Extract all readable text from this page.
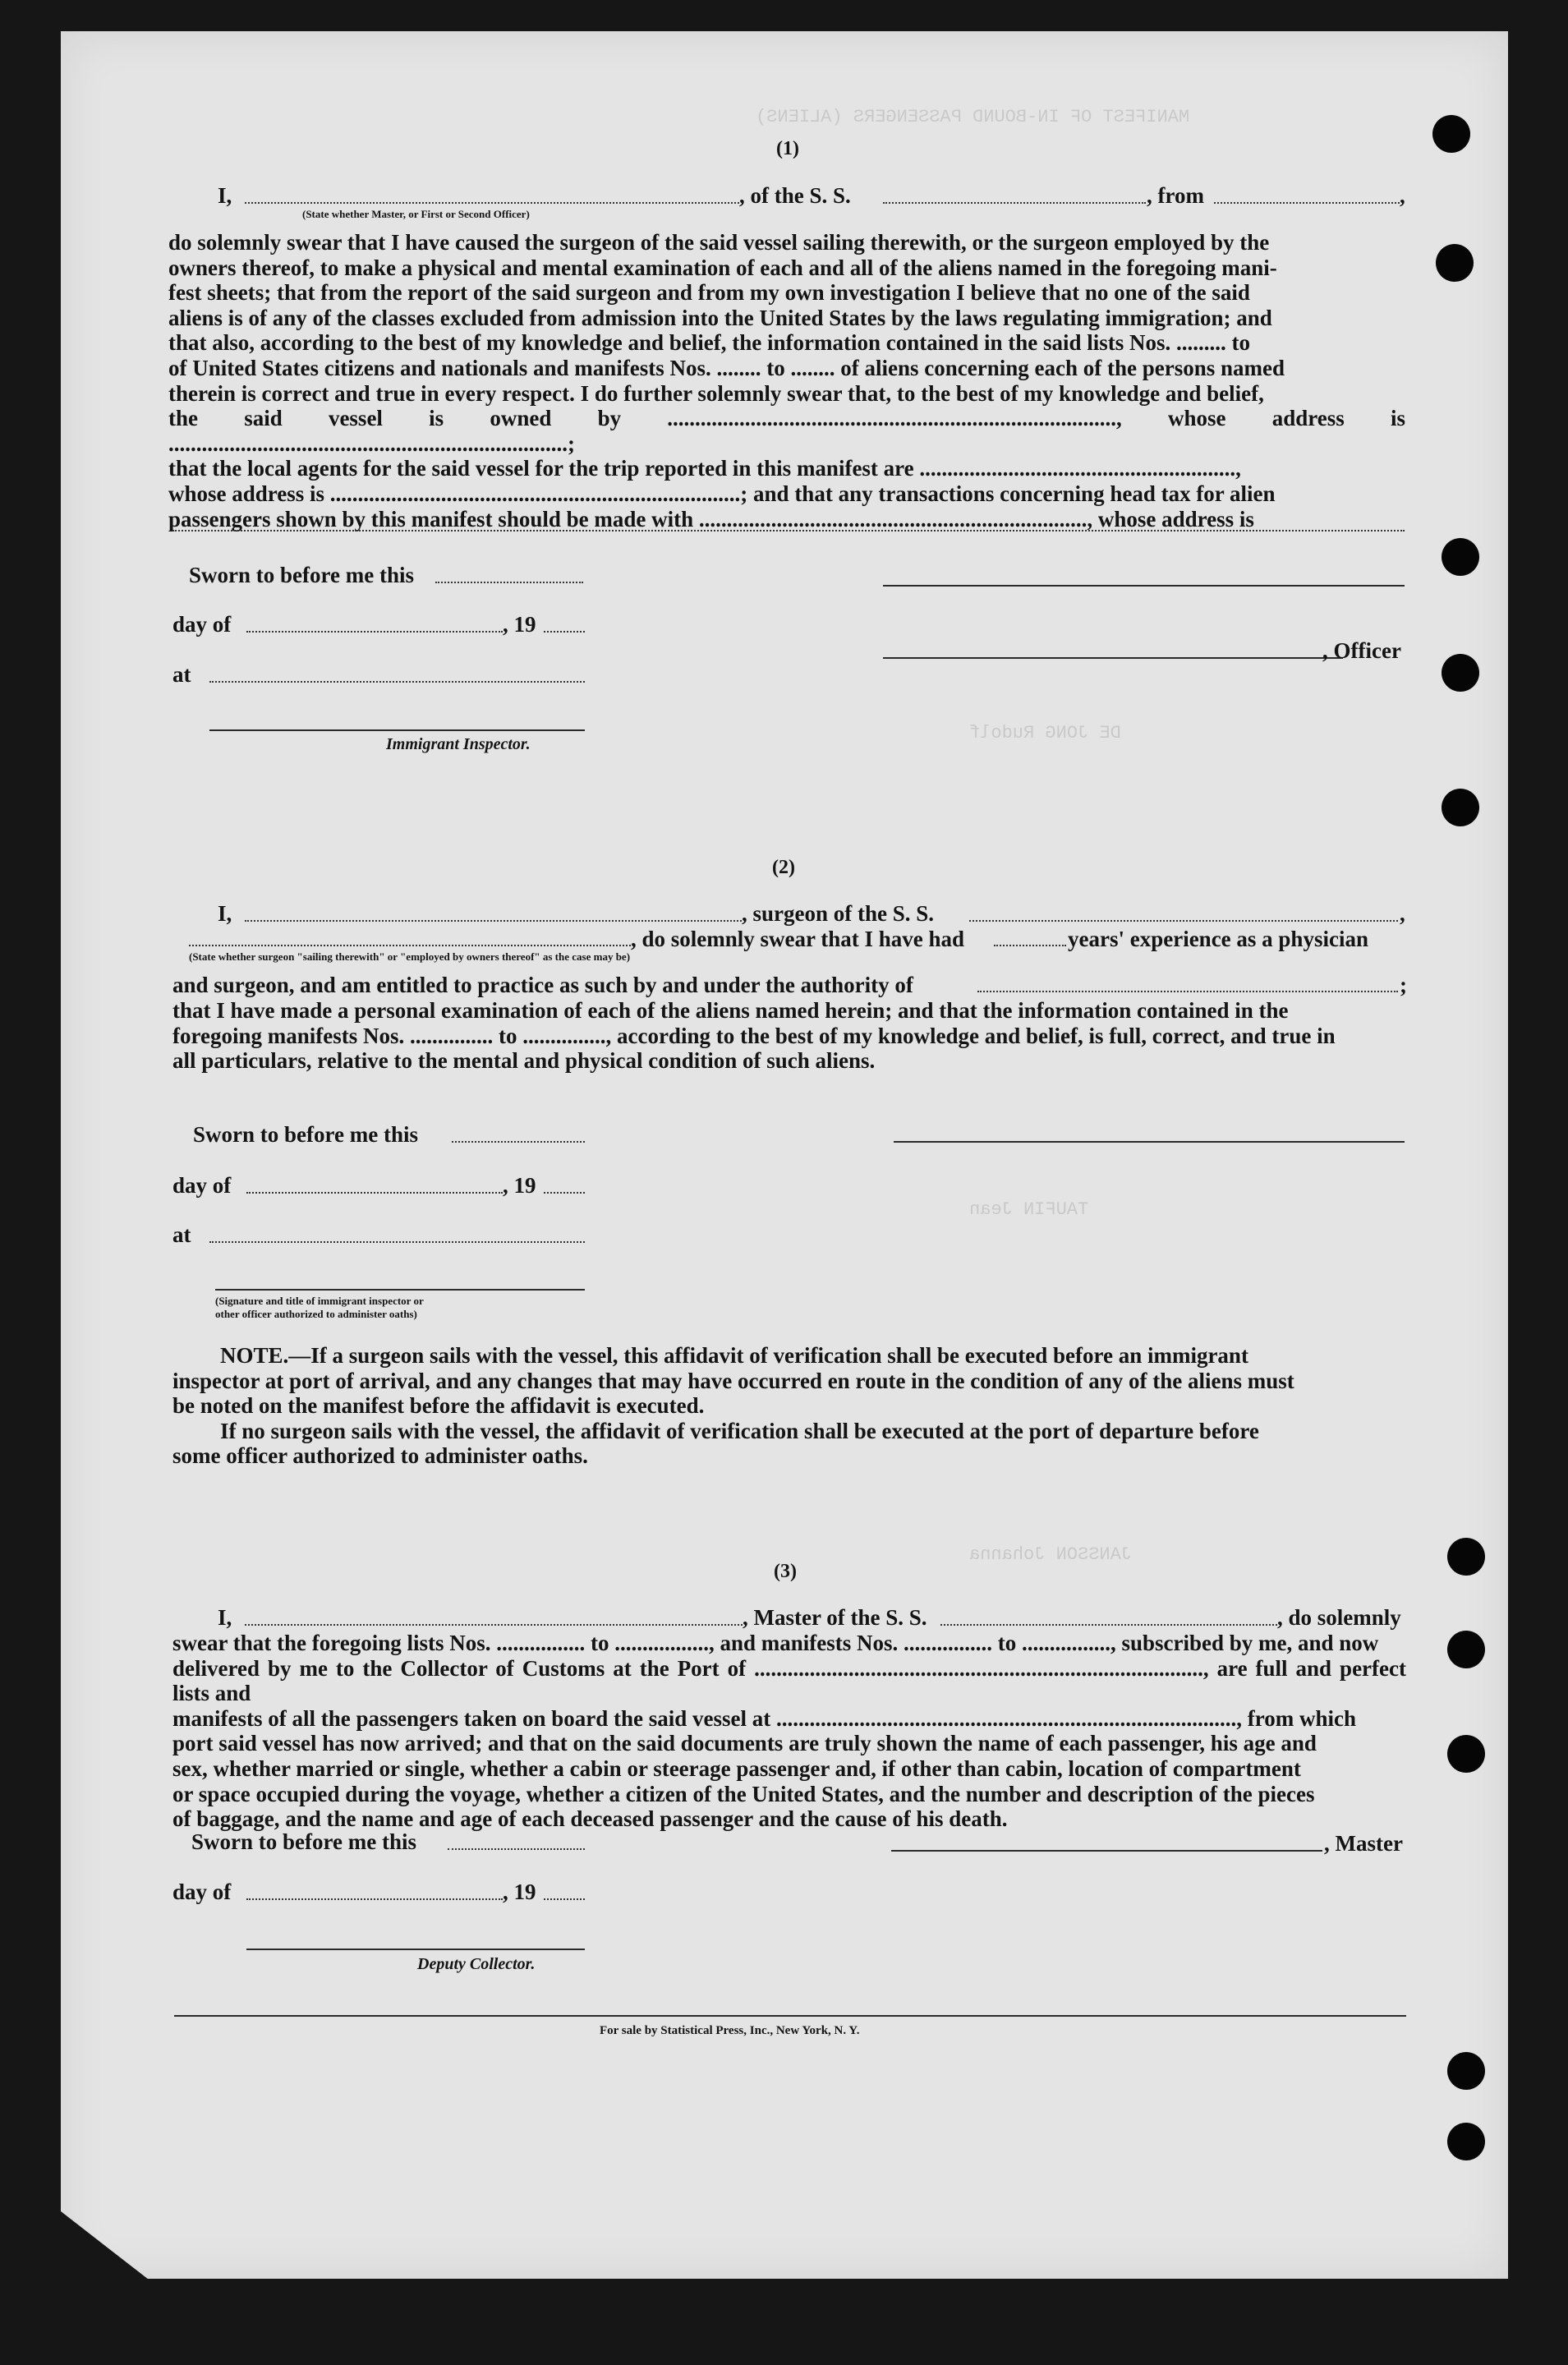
MANIFEST OF IN-BOUND PASSENGERS (ALIENS)
DE JONG Rudolf
TAUFIN Jean
JANSSON Johanna
(1)
I,	, of the S. S.	, from	,
(State whether Master, or First or Second Officer)
do solemnly swear that I have caused the surgeon of the said vessel sailing therewith, or the surgeon employed by the
owners thereof, to make a physical and mental examination of each and all of the aliens named in the foregoing mani-
fest sheets; that from the report of the said surgeon and from my own investigation I believe that no one of the said
aliens is of any of the classes excluded from admission into the United States by the laws regulating immigration; and
that also, according to the best of my knowledge and belief, the information contained in the said lists Nos. ......... to
of United States citizens and nationals and manifests Nos. ........ to ........ of aliens concerning each of the persons named
therein is correct and true in every respect. I do further solemnly swear that, to the best of my knowledge and belief,
the said vessel is owned by ................................................................................., whose address is ........................................................................;
that the local agents for the said vessel for the trip reported in this manifest are .........................................................,
whose address is ..........................................................................; and that any transactions concerning head tax for alien
passengers shown by this manifest should be made with ......................................................................, whose address is
Sworn to before me this
day of	, 19
, Officer
at
Immigrant Inspector.
(2)
I,	, surgeon of the S. S.	,
, do solemnly swear that I have had	years' experience as a physician
(State whether surgeon "sailing therewith" or "employed by owners thereof" as the case may be)
and surgeon, and am entitled to practice as such by and under the authority of	;
that I have made a personal examination of each of the aliens named herein; and that the information contained in the
foregoing manifests Nos. ............... to ..............., according to the best of my knowledge and belief, is full, correct, and true in
all particulars, relative to the mental and physical condition of such aliens.
Sworn to before me this
day of	, 19
at
(Signature and title of immigrant inspector or
other officer authorized to administer oaths)
NOTE.—If a surgeon sails with the vessel, this affidavit of verification shall be executed before an immigrant
inspector at port of arrival, and any changes that may have occurred en route in the condition of any of the aliens must
be noted on the manifest before the affidavit is executed.
If no surgeon sails with the vessel, the affidavit of verification shall be executed at the port of departure before
some officer authorized to administer oaths.
(3)
I,	, Master of the S. S.	, do solemnly
swear that the foregoing lists Nos. ................ to ................., and manifests Nos. ................ to ................, subscribed by me, and now
delivered by me to the Collector of Customs at the Port of ................................................................................., are full and perfect lists and
manifests of all the passengers taken on board the said vessel at ..................................................................................., from which
port said vessel has now arrived; and that on the said documents are truly shown the name of each passenger, his age and
sex, whether married or single, whether a cabin or steerage passenger and, if other than cabin, location of compartment
or space occupied during the voyage, whether a citizen of the United States, and the number and description of the pieces
of baggage, and the name and age of each deceased passenger and the cause of his death.
Sworn to before me this	, Master
day of	, 19
Deputy Collector.
For sale by Statistical Press, Inc., New York, N. Y.
